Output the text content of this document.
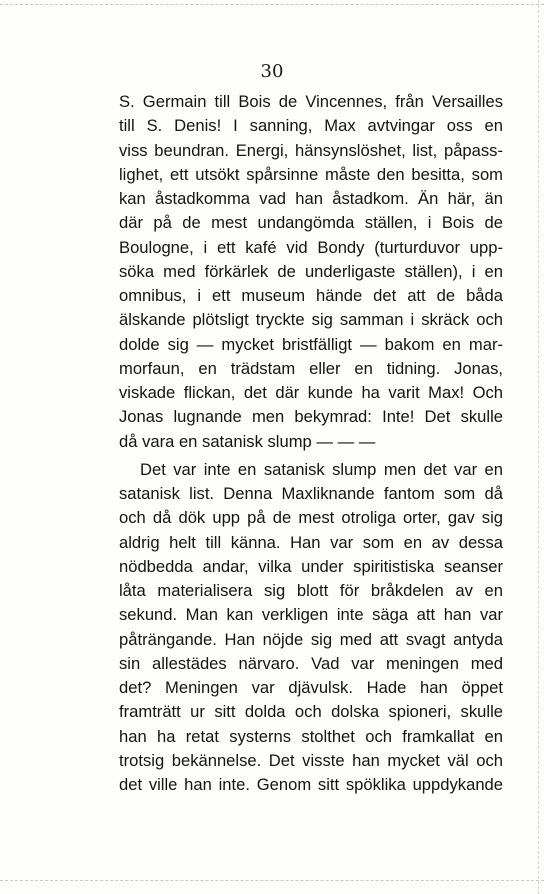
30
S. Germain till Bois de Vincennes, från Versailles
till S. Denis! I sanning, Max avtvingar oss en
viss beundran. Energi, hänsynslöshet, list, påpass-
lighet, ett utsökt spårsinne måste den besitta, som
kan åstadkomma vad han åstadkom. Än här, än
där på de mest undangömda ställen, i Bois de
Boulogne, i ett kafé vid Bondy (turturduvor upp-
söka med förkärlek de underligaste ställen), i en
omnibus, i ett museum hände det att de båda
älskande plötsligt tryckte sig samman i skräck och
dolde sig — mycket bristfälligt — bakom en mar-
morfaun, en trädstam eller en tidning. Jonas,
viskade flickan, det där kunde ha varit Max! Och
Jonas lugnande men bekymrad: Inte! Det skulle
då vara en satanisk slump — — —
Det var inte en satanisk slump men det var en
satanisk list. Denna Maxliknande fantom som då
och då dök upp på de mest otroliga orter, gav sig
aldrig helt till känna. Han var som en av dessa
nödbedda andar, vilka under spiritistiska seanser
låta materialisera sig blott för bråkdelen av en
sekund. Man kan verkligen inte säga att han var
påträngande. Han nöjde sig med att svagt antyda
sin allestädes närvaro. Vad var meningen med
det? Meningen var djävulsk. Hade han öppet
framträtt ur sitt dolda och dolska spioneri, skulle
han ha retat systerns stolthet och framkallat en
trotsig bekännelse. Det visste han mycket väl och
det ville han inte. Genom sitt spöklika uppdykande
